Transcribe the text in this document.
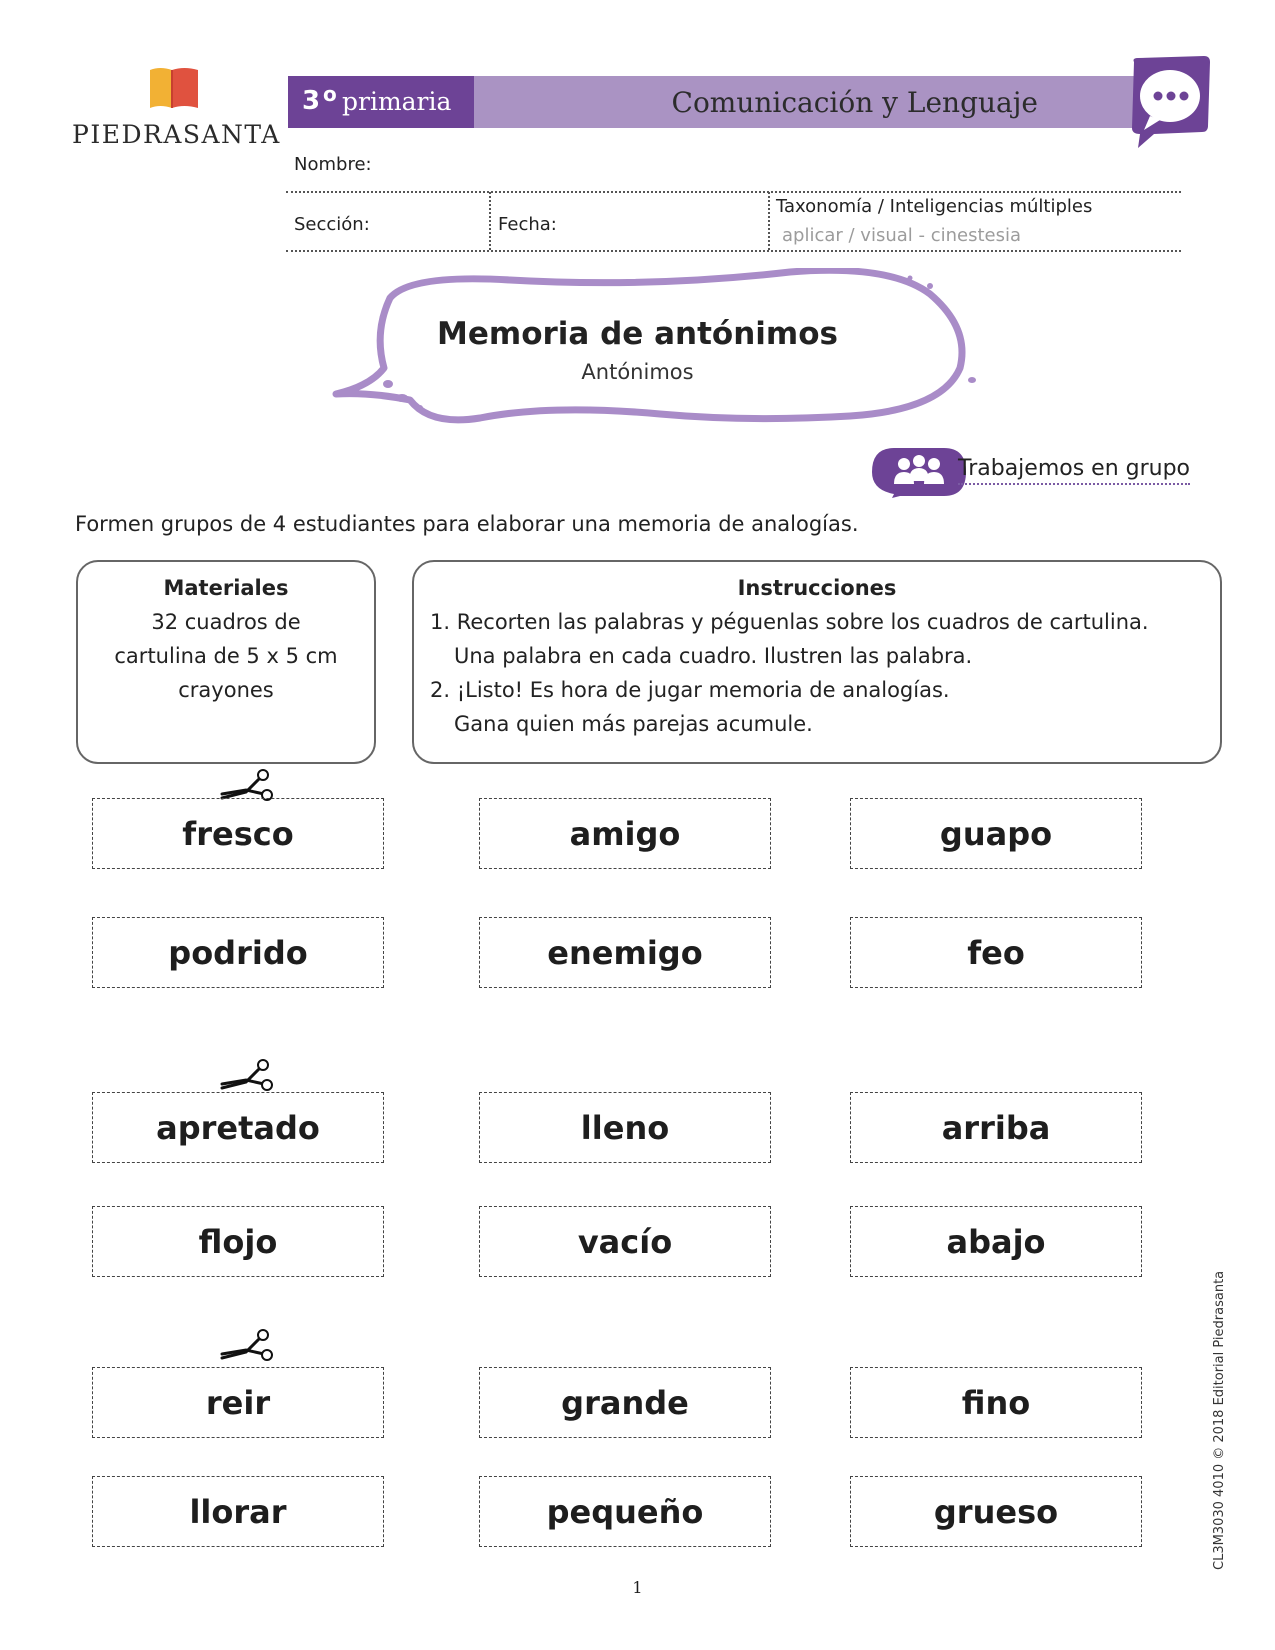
PIEDRASANTA
3 o primaria	Comunicación y Lenguaje
Nombre:
Sección:	Fecha:
Taxonomía / Inteligencias múltiples
aplicar / visual - cinestesia
Memoria de antónimos
Antónimos
Trabajemos en grupo
Formen grupos de 4 estudiantes para elaborar una memoria de analogías.
Materiales
32 cuadros de
cartulina de 5 x 5 cm
crayones
Instrucciones
1. Recorten las palabras y péguenlas sobre los cuadros de cartulina.
Una palabra en cada cuadro. Ilustren las palabra.
2. ¡Listo! Es hora de jugar memoria de analogías.
Gana quien más parejas acumule.
fresco	amigo	guapo
podrido	enemigo	feo
apretado	lleno	arriba
flojo	vacío	abajo
reir	grande	fino
llorar	pequeño	grueso
1
CL3M3030 4010 © 2018 Editorial Piedrasanta
